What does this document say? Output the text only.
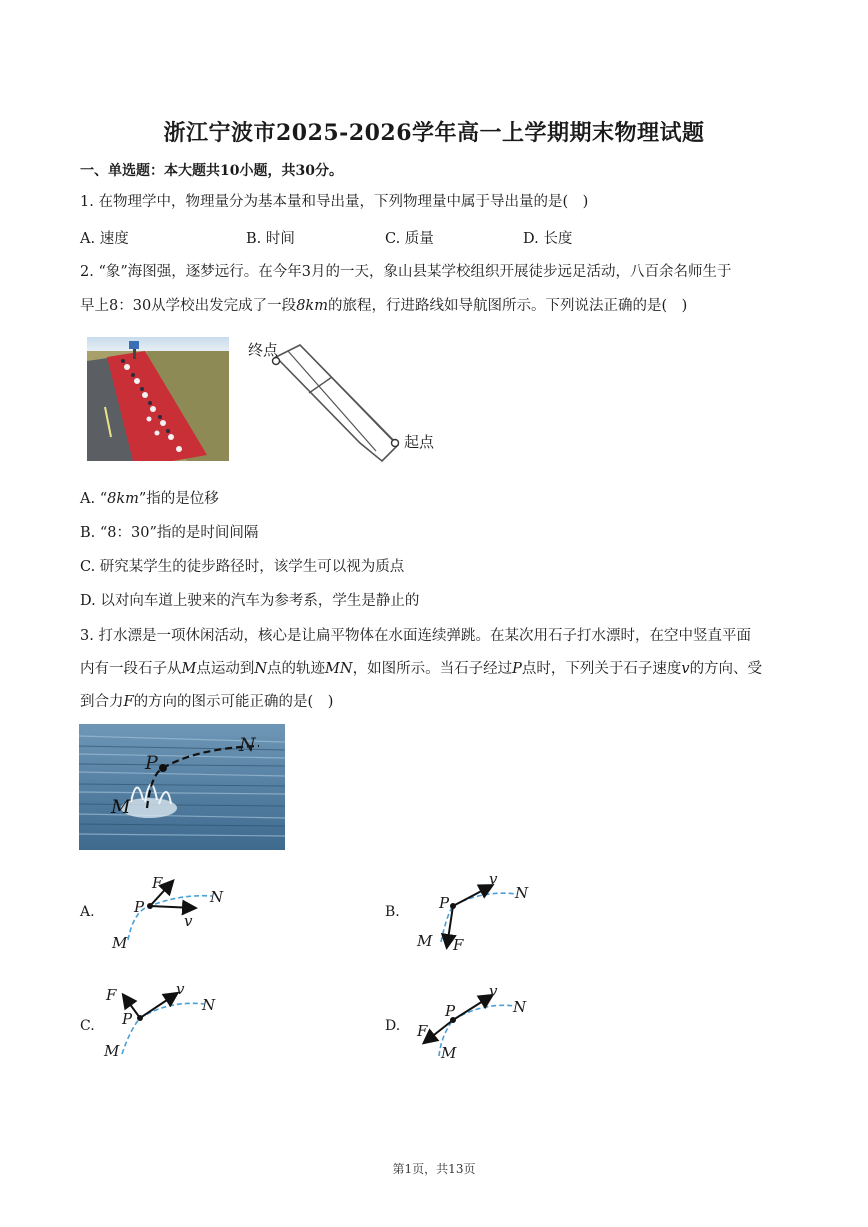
浙江宁波市2025-2026学年高一上学期期末物理试题
一、单选题：本大题共10小题，共30分。
1. 在物理学中，物理量分为基本量和导出量，下列物理量中属于导出量的是(　)
A. 速度	B. 时间	C. 质量	D. 长度
2. “象”海图强，逐梦远行。在今年3月的一天，象山县某学校组织开展徒步远足活动，八百余名师生于
早上8：30从学校出发完成了一段8km的旅程，行进路线如导航图所示。下列说法正确的是(　)
终点
起点
A. “8km”指的是位移
B. “8：30”指的是时间间隔
C. 研究某学生的徒步路径时，该学生可以视为质点
D. 以对向车道上驶来的汽车为参考系，学生是静止的
3. 打水漂是一项休闲活动，核心是让扁平物体在水面连续弹跳。在某次用石子打水漂时，在空中竖直平面
内有一段石子从M点运动到N点的轨迹MN，如图所示。当石子经过P点时，下列关于石子速度v的方向、受
到合力F的方向的图示可能正确的是(　)
N
P
M
A.
F
P
N
v
M
B.
v
P
N
M F
C.
F	v
P
N
M
D.
v
P	N
F
M
第1页，共13页
